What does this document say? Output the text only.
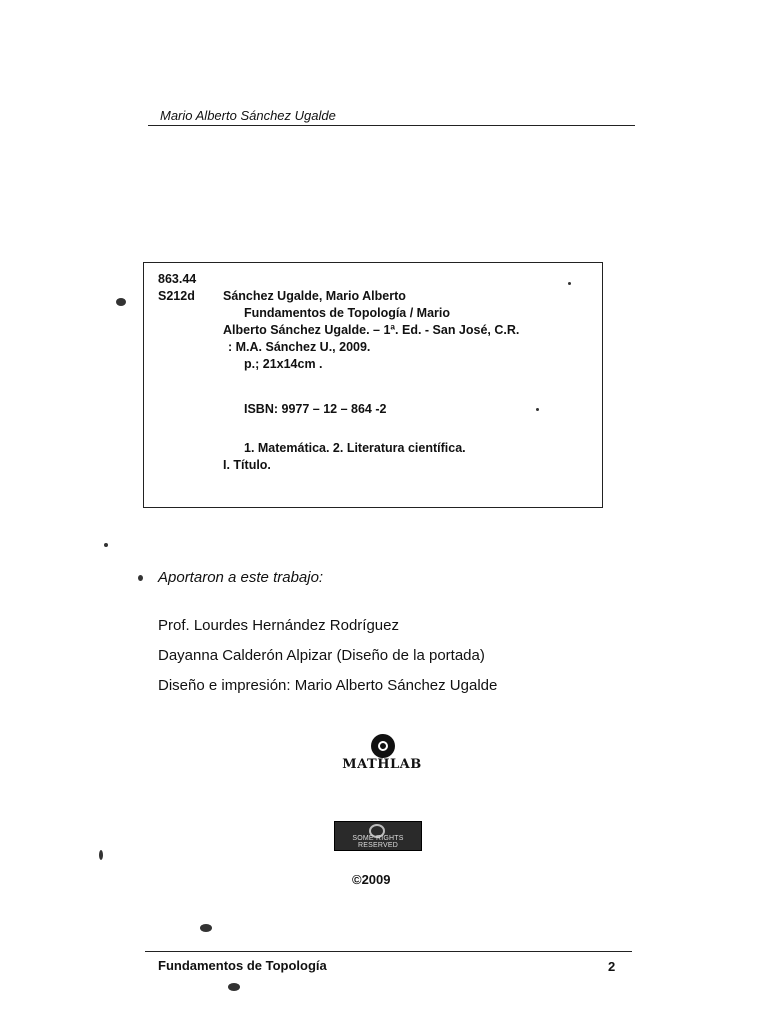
Mario Alberto Sánchez Ugalde
863.44
S212d Sánchez Ugalde, Mario Alberto
Fundamentos de Topología / Mario
Alberto Sánchez Ugalde. – 1ª. Ed. - San José, C.R.
: M.A. Sánchez U., 2009.
p.; 21x14cm .
ISBN: 9977 – 12 – 864 -2
1. Matemática. 2. Literatura científica.
I. Título.
Aportaron a este trabajo:
Prof. Lourdes Hernández Rodríguez
Dayanna Calderón Alpizar (Diseño de la portada)
Diseño e impresión: Mario Alberto Sánchez Ugalde
MATHLAB
SOME RIGHTS RESERVED
©2009
Fundamentos de Topología	2
